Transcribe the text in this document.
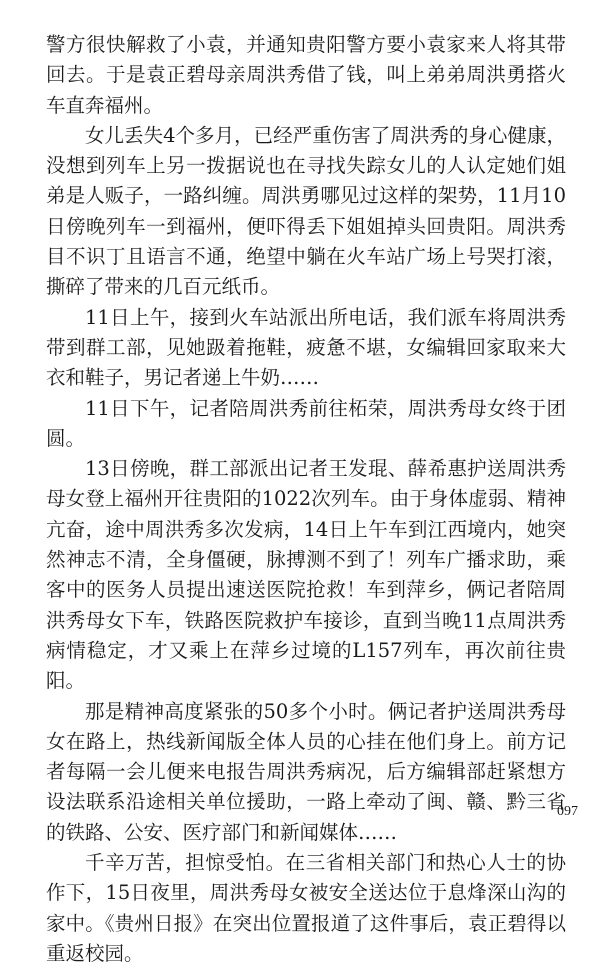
警方很快解救了小袁，并通知贵阳警方要小袁家来人将其带回去。于是袁正碧母亲周洪秀借了钱，叫上弟弟周洪勇搭火车直奔福州。

女儿丢失4个多月，已经严重伤害了周洪秀的身心健康，没想到列车上另一拨据说也在寻找失踪女儿的人认定她们姐弟是人贩子，一路纠缠。周洪勇哪见过这样的架势，11月10日傍晚列车一到福州，便吓得丢下姐姐掉头回贵阳。周洪秀目不识丁且语言不通，绝望中躺在火车站广场上号哭打滚，撕碎了带来的几百元纸币。

11日上午，接到火车站派出所电话，我们派车将周洪秀带到群工部，见她趿着拖鞋，疲惫不堪，女编辑回家取来大衣和鞋子，男记者递上牛奶……

11日下午，记者陪周洪秀前往柘荣，周洪秀母女终于团圆。

13日傍晚，群工部派出记者王发琨、薛希惠护送周洪秀母女登上福州开往贵阳的1022次列车。由于身体虚弱、精神亢奋，途中周洪秀多次发病，14日上午车到江西境内，她突然神志不清，全身僵硬，脉搏测不到了！列车广播求助，乘客中的医务人员提出速送医院抢救！车到萍乡，俩记者陪周洪秀母女下车，铁路医院救护车接诊，直到当晚11点周洪秀病情稳定，才又乘上在萍乡过境的L157列车，再次前往贵阳。

那是精神高度紧张的50多个小时。俩记者护送周洪秀母女在路上，热线新闻版全体人员的心挂在他们身上。前方记者每隔一会儿便来电报告周洪秀病况，后方编辑部赶紧想方设法联系沿途相关单位援助，一路上牵动了闽、赣、黔三省的铁路、公安、医疗部门和新闻媒体……

千辛万苦，担惊受怕。在三省相关部门和热心人士的协作下，15日夜里，周洪秀母女被安全送达位于息烽深山沟的家中。《贵州日报》在突出位置报道了这件事后，袁正碧得以重返校园。

097
